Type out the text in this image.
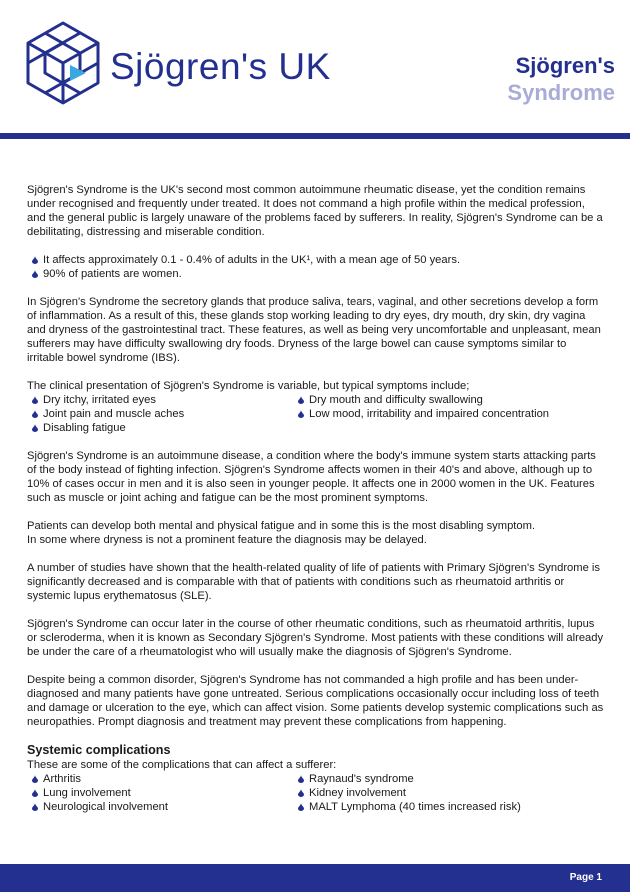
Sjögren's UK	Sjögren's
Syndrome

Sjögren's Syndrome is the UK's second most common autoimmune rheumatic disease, yet the condition remains under recognised and frequently under treated. It does not command a high profile within the medical profession, and the general public is largely unaware of the problems faced by sufferers. In reality, Sjögren's Syndrome can be a debilitating, distressing and miserable condition.

It affects approximately 0.1 - 0.4% of adults in the UK¹, with a mean age of 50 years.
90% of patients are women.

In Sjögren's Syndrome the secretory glands that produce saliva, tears, vaginal, and other secretions develop a form of inflammation. As a result of this, these glands stop working leading to dry eyes, dry mouth, dry skin, dry vagina and dryness of the gastrointestinal tract. These features, as well as being very uncomfortable and unpleasant, mean sufferers may have difficulty swallowing dry foods. Dryness of the large bowel can cause symptoms similar to irritable bowel syndrome (IBS).

The clinical presentation of Sjögren's Syndrome is variable, but typical symptoms include;

Dry itchy, irritated eyes	Dry mouth and difficulty swallowing
Joint pain and muscle aches	Low mood, irritability and impaired concentration
Disabling fatigue

Sjögren's Syndrome is an autoimmune disease, a condition where the body's immune system starts attacking parts of the body instead of fighting infection. Sjögren's Syndrome affects women in their 40's and above, although up to 10% of cases occur in men and it is also seen in younger people. It affects one in 2000 women in the UK. Features such as muscle or joint aching and fatigue can be the most prominent symptoms.

Patients can develop both mental and physical fatigue and in some this is the most disabling symptom.
In some where dryness is not a prominent feature the diagnosis may be delayed.

A number of studies have shown that the health-related quality of life of patients with Primary Sjögren's Syndrome is significantly decreased and is comparable with that of patients with conditions such as rheumatoid arthritis or systemic lupus erythematosus (SLE).

Sjögren's Syndrome can occur later in the course of other rheumatic conditions, such as rheumatoid arthritis, lupus or scleroderma, when it is known as Secondary Sjögren's Syndrome. Most patients with these conditions will already be under the care of a rheumatologist who will usually make the diagnosis of Sjögren's Syndrome.

Despite being a common disorder, Sjögren's Syndrome has not commanded a high profile and has been under-diagnosed and many patients have gone untreated. Serious complications occasionally occur including loss of teeth and damage or ulceration to the eye, which can affect vision. Some patients develop systemic complications such as neuropathies. Prompt diagnosis and treatment may prevent these complications from happening.

Systemic complications

These are some of the complications that can affect a sufferer:

Arthritis	Raynaud's syndrome
Lung involvement	Kidney involvement
Neurological involvement	MALT Lymphoma (40 times increased risk)
Page 1
